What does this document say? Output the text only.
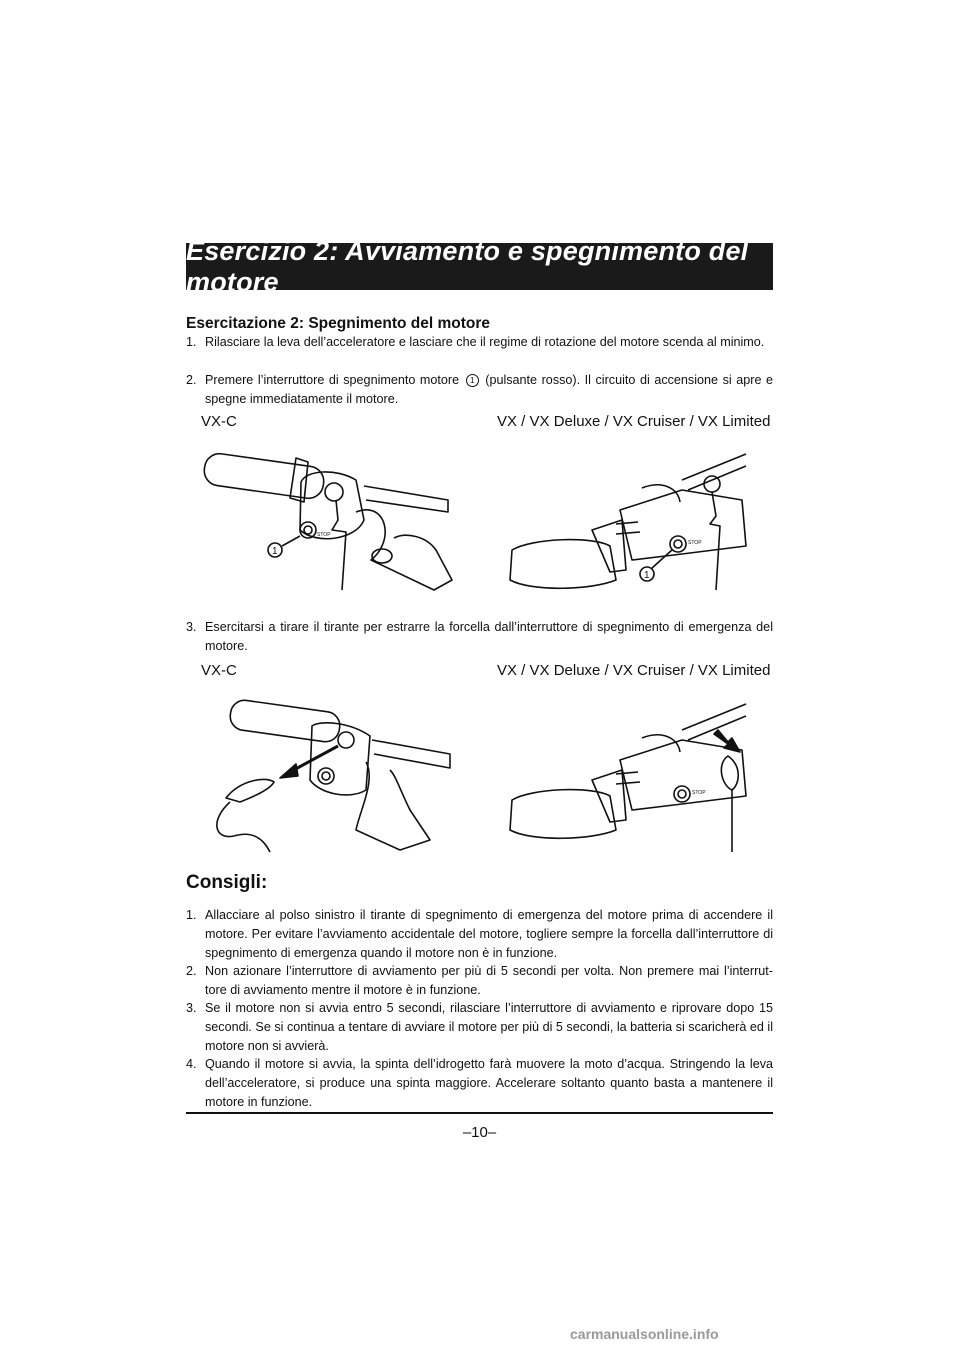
Esercizio 2: Avviamento e spegnimento del motore
Esercitazione 2: Spegnimento del motore
1. Rilasciare la leva dell’acceleratore e lasciare che il regime di rotazione del motore scenda al minimo.
2. Premere l’interruttore di spegnimento motore 1 (pulsante rosso). Il circuito di accensione si apre e spegne immediatamente il motore.
VX-C	VX / VX Deluxe / VX Cruiser / VX Limited
STOP
1
STOP
1
3. Esercitarsi a tirare il tirante per estrarre la forcella dall’interruttore di spegnimento di emergenza del motore.
VX-C	VX / VX Deluxe / VX Cruiser / VX Limited
STOP
Consigli:
1. Allacciare al polso sinistro il tirante di spegnimento di emergenza del motore prima di accendere il motore. Per evitare l’avviamento accidentale del motore, togliere sempre la forcella dall’interruttore di spegnimento di emergenza quando il motore non è in funzione.
2. Non azionare l’interruttore di avviamento per più di 5 secondi per volta. Non premere mai l’interrut-tore di avviamento mentre il motore è in funzione.
3. Se il motore non si avvia entro 5 secondi, rilasciare l’interruttore di avviamento e riprovare dopo 15 secondi. Se si continua a tentare di avviare il motore per più di 5 secondi, la batteria si scaricherà ed il motore non si avvierà.
4. Quando il motore si avvia, la spinta dell’idrogetto farà muovere la moto d’acqua. Stringendo la leva dell’acceleratore, si produce una spinta maggiore. Accelerare soltanto quanto basta a mantenere il motore in funzione.
–10–
carmanualsonline.info
